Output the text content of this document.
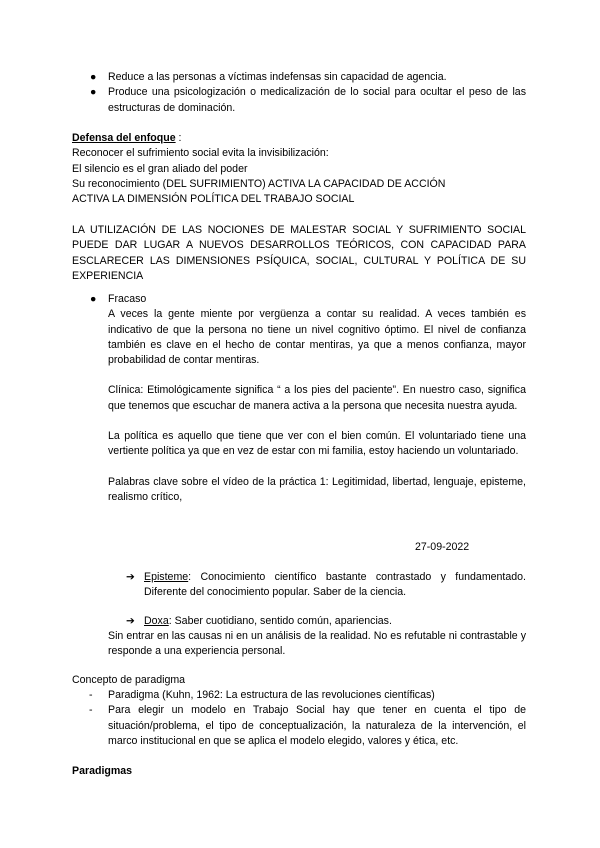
● Reduce a las personas a víctimas indefensas sin capacidad de agencia.
● Produce una psicologización o medicalización de lo social para ocultar el peso de las estructuras de dominación.
Defensa del enfoque :
Reconocer el sufrimiento social evita la invisibilización:
El silencio es el gran aliado del poder
Su reconocimiento (DEL SUFRIMIENTO) ACTIVA LA CAPACIDAD DE ACCIÓN
ACTIVA LA DIMENSIÓN POLÍTICA DEL TRABAJO SOCIAL

LA UTILIZACIÓN DE LAS NOCIONES DE MALESTAR SOCIAL Y SUFRIMIENTO SOCIAL PUEDE DAR LUGAR A NUEVOS DESARROLLOS TEÓRICOS, CON CAPACIDAD PARA ESCLARECER LAS DIMENSIONES PSÍQUICA, SOCIAL, CULTURAL Y POLÍTICA DE SU EXPERIENCIA

● Fracaso

A veces la gente miente por vergüenza a contar su realidad. A veces también es indicativo de que la persona no tiene un nivel cognitivo óptimo. El nivel de confianza también es clave en el hecho de contar mentiras, ya que a menos confianza, mayor probabilidad de contar mentiras.

Clínica: Etimológicamente significa “ a los pies del paciente”. En nuestro caso, significa que tenemos que escuchar de manera activa a la persona que necesita nuestra ayuda.

La política es aquello que tiene que ver con el bien común. El voluntariado tiene una vertiente política ya que en vez de estar con mi familia, estoy haciendo un voluntariado.

Palabras clave sobre el vídeo de la práctica 1: Legitimidad, libertad, lenguaje, episteme, realismo crítico,

27-09-2022
➔ Episteme: Conocimiento científico bastante contrastado y fundamentado. Diferente del conocimiento popular. Saber de la ciencia.
➔ Doxa: Saber cuotidiano, sentido común, apariencias.

Sin entrar en las causas ni en un análisis de la realidad. No es refutable ni contrastable y responde a una experiencia personal.

Concepto de paradigma
- Paradigma (Kuhn, 1962: La estructura de las revoluciones científicas)
- Para elegir un modelo en Trabajo Social hay que tener en cuenta el tipo de situación/problema, el tipo de conceptualización, la naturaleza de la intervención, el marco institucional en que se aplica el modelo elegido, valores y ética, etc.
Paradigmas
